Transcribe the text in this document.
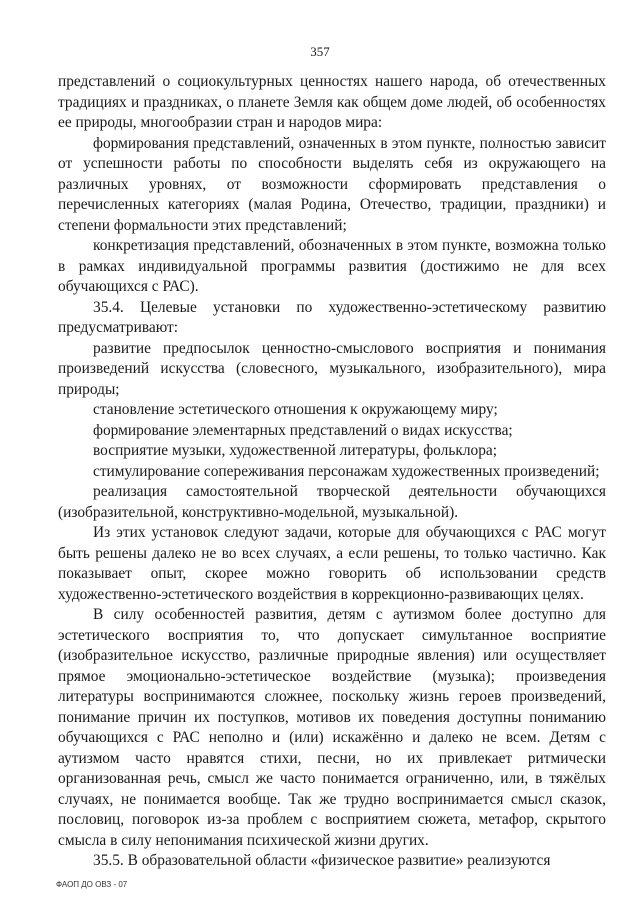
357

представлений о социокультурных ценностях нашего народа, об отечественных традициях и праздниках, о планете Земля как общем доме людей, об особенностях ее природы, многообразии стран и народов мира:

формирования представлений, означенных в этом пункте, полностью зависит от успешности работы по способности выделять себя из окружающего на различных уровнях, от возможности сформировать представления о перечисленных категориях (малая Родина, Отечество, традиции, праздники) и степени формальности этих представлений;

конкретизация представлений, обозначенных в этом пункте, возможна только в рамках индивидуальной программы развития (достижимо не для всех обучающихся с РАС).

35.4. Целевые установки по художественно-эстетическому развитию предусматривают:

развитие предпосылок ценностно-смыслового восприятия и понимания произведений искусства (словесного, музыкального, изобразительного), мира природы;

становление эстетического отношения к окружающему миру;

формирование элементарных представлений о видах искусства;

восприятие музыки, художественной литературы, фольклора;

стимулирование сопереживания персонажам художественных произведений;

реализация самостоятельной творческой деятельности обучающихся (изобразительной, конструктивно-модельной, музыкальной).

Из этих установок следуют задачи, которые для обучающихся с РАС могут быть решены далеко не во всех случаях, а если решены, то только частично. Как показывает опыт, скорее можно говорить об использовании средств художественно-эстетического воздействия в коррекционно-развивающих целях.

В силу особенностей развития, детям с аутизмом более доступно для эстетического восприятия то, что допускает симультанное восприятие (изобразительное искусство, различные природные явления) или осуществляет прямое эмоционально-эстетическое воздействие (музыка); произведения литературы воспринимаются сложнее, поскольку жизнь героев произведений, понимание причин их поступков, мотивов их поведения доступны пониманию обучающихся с РАС неполно и (или) искажённо и далеко не всем. Детям с аутизмом часто нравятся стихи, песни, но их привлекает ритмически организованная речь, смысл же часто понимается ограниченно, или, в тяжёлых случаях, не понимается вообще. Так же трудно воспринимается смысл сказок, пословиц, поговорок из-за проблем с восприятием сюжета, метафор, скрытого смысла в силу непонимания психической жизни других.

35.5. В образовательной области «физическое развитие» реализуются

ФАОП ДО ОВЗ - 07
